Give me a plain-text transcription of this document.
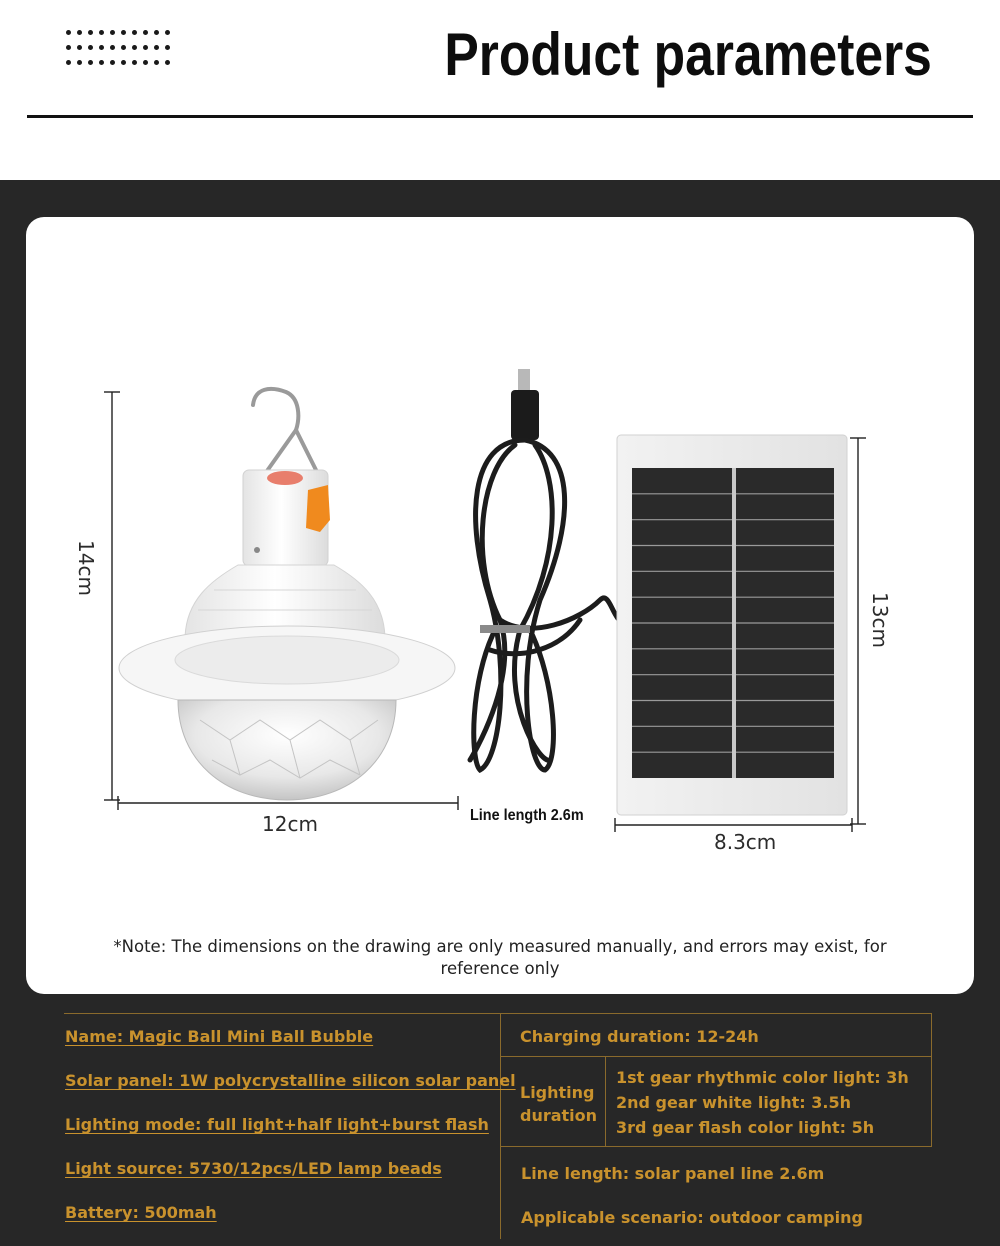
Product parameters
14cm
12cm
13cm
8.3cm
Line length 2.6m
*Note: The dimensions on the drawing are only measured manually, and errors may exist, for reference only
Name: Magic Ball Mini Ball Bubble
Solar panel: 1W polycrystalline silicon solar panel
Lighting mode: full light+half light+burst flash
Light source: 5730/12pcs/LED lamp beads
Battery: 500mah
Charging duration: 12-24h
Lighting
duration
1st gear rhythmic color light: 3h
2nd gear white light: 3.5h
3rd gear flash color light: 5h
Line length: solar panel line 2.6m
Applicable scenario: outdoor camping
